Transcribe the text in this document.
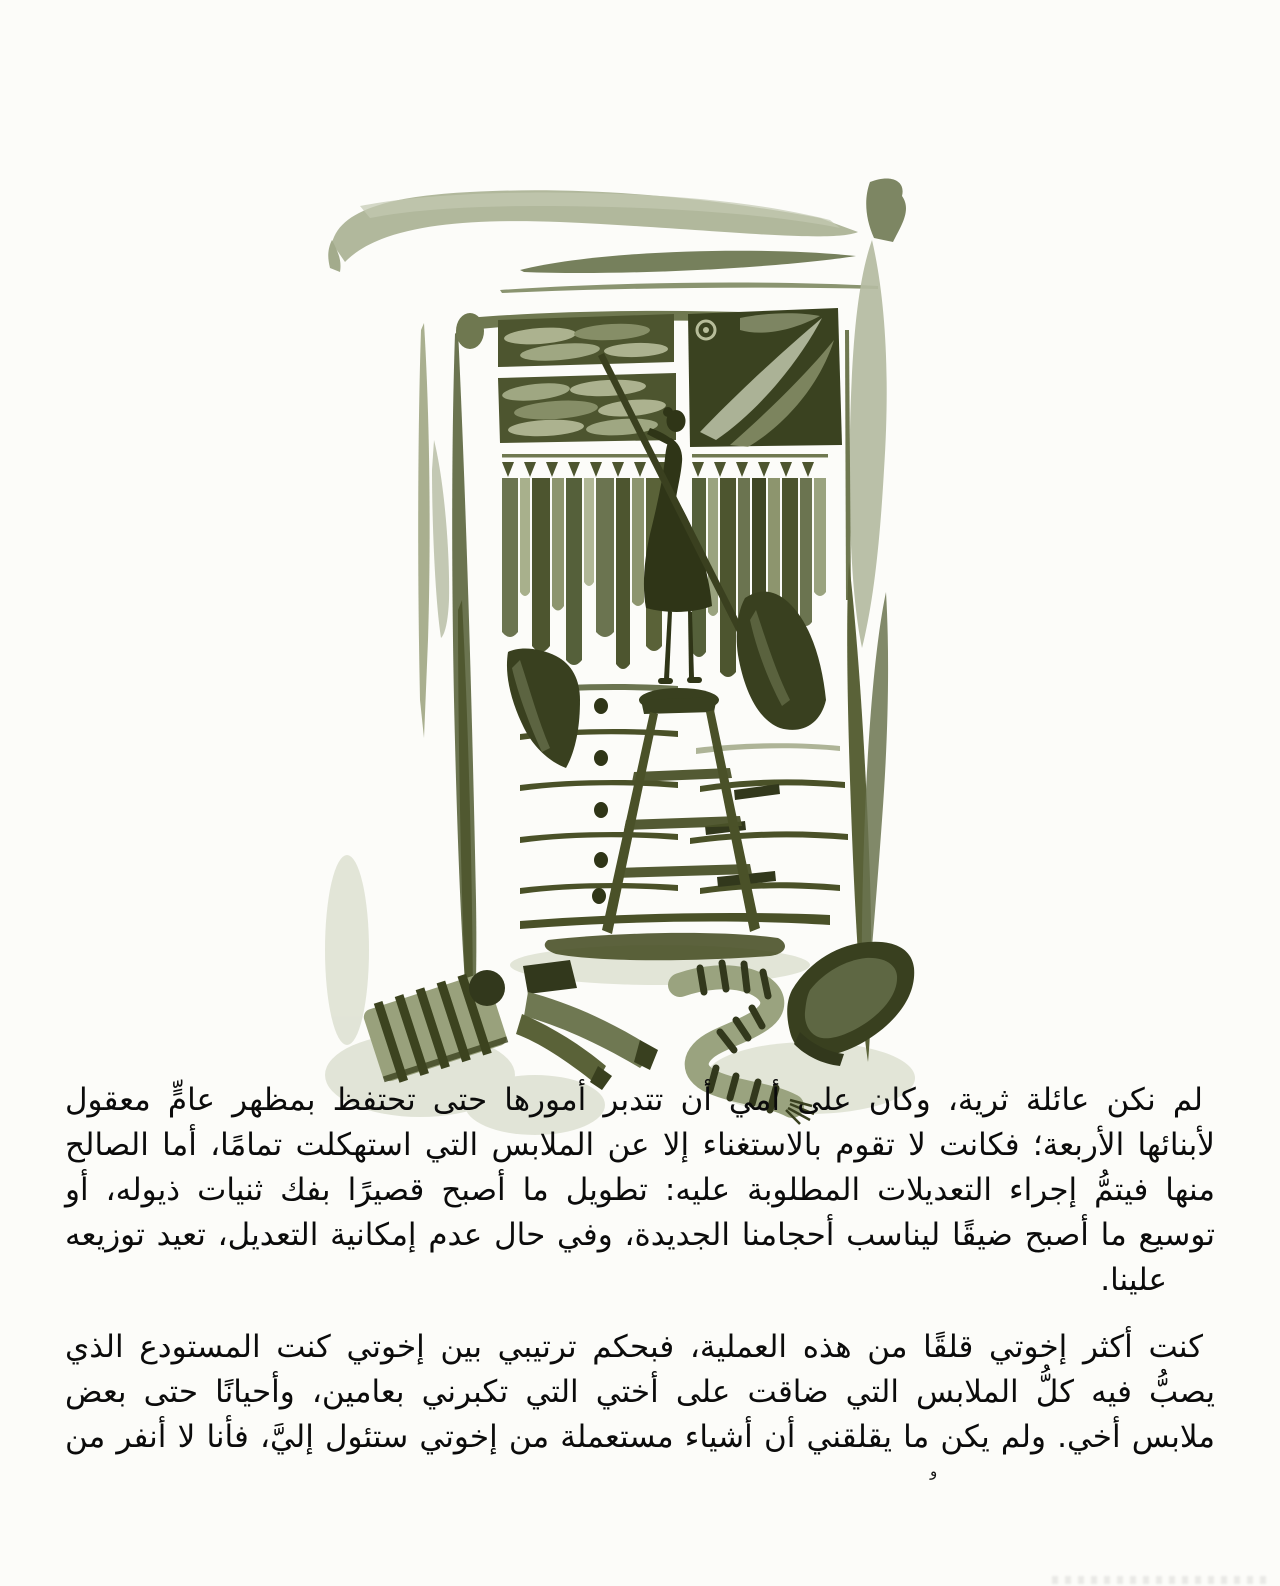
لم نكن عائلة ثرية، وكان على أمي أن تتدبر أمورها حتى تحتفظ بمظهر عامٍّ معقول
لأبنائها الأربعة؛ فكانت لا تقوم بالاستغناء إلا عن الملابس التي استهكلت تمامًا، أما الصالح
منها فيتمُّ إجراء التعديلات المطلوبة عليه: تطويل ما أصبح قصيرًا بفك ثنيات ذيوله، أو
توسيع ما أصبح ضيقًا ليناسب أحجامنا الجديدة، وفي حال عدم إمكانية التعديل، تعيد توزيعه
علينا.
كنت أكثر إخوتي قلقًا من هذه العملية، فبحكم ترتيبي بين إخوتي كنت المستودع الذي
يصبُّ فيه كلُّ الملابس التي ضاقت على أختي التي تكبرني بعامين، وأحيانًا حتى بعض
ملابس أخي. ولم يكن ما يقلقني أن أشياء مستعملة من إخوتي ستئول إليَّ، فأنا لا أنفر من
و
